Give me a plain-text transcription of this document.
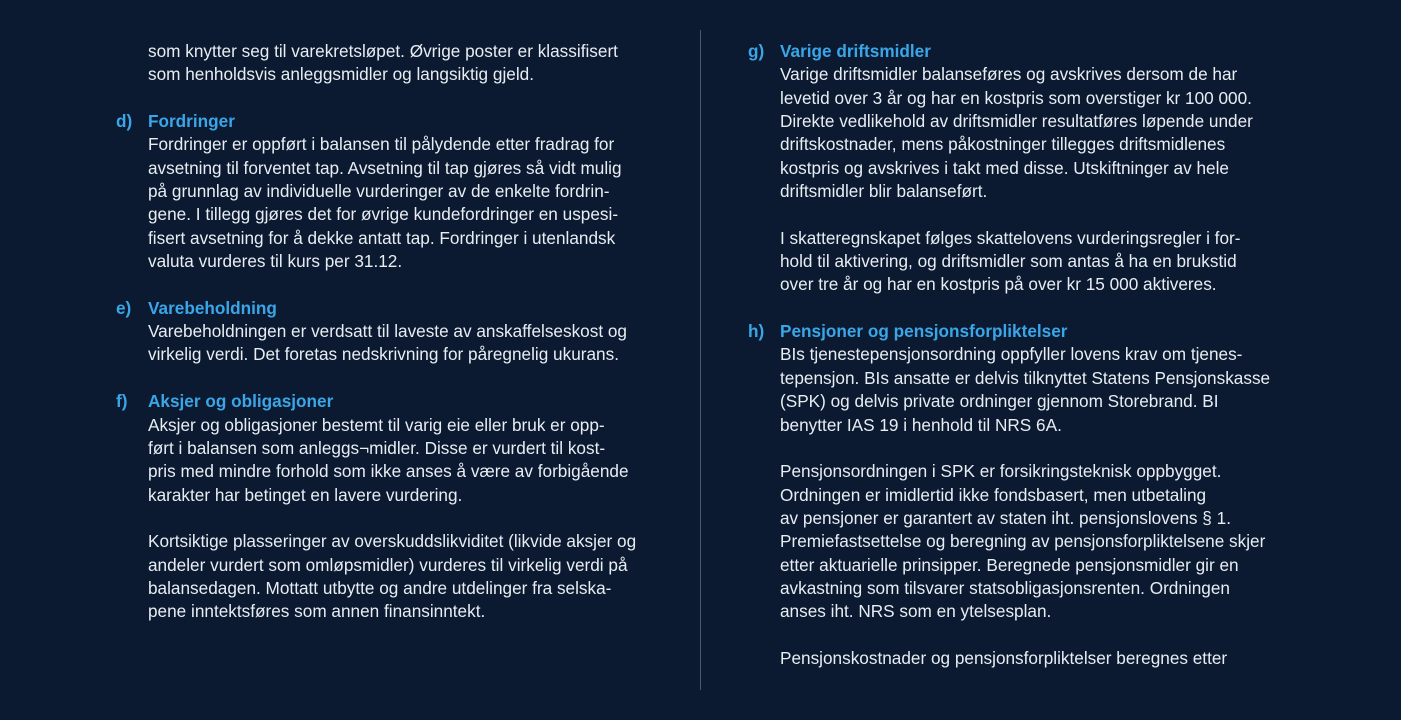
som knytter seg til varekretsløpet. Øvrige poster er klassifisert
som henholdsvis anleggsmidler og langsiktig gjeld.
d) Fordringer
Fordringer er oppført i balansen til pålydende etter fradrag for
avsetning til forventet tap. Avsetning til tap gjøres så vidt mulig
på grunnlag av individuelle vurderinger av de enkelte fordrin-
gene. I tillegg gjøres det for øvrige kundefordringer en uspesi-
fisert avsetning for å dekke antatt tap. Fordringer i utenlandsk
valuta vurderes til kurs per 31.12.
e) Varebeholdning
Varebeholdningen er verdsatt til laveste av anskaffelseskost og
virkelig verdi. Det foretas nedskrivning for påregnelig ukurans.
f) Aksjer og obligasjoner
Aksjer og obligasjoner bestemt til varig eie eller bruk er opp-
ført i balansen som anleggs¬midler. Disse er vurdert til kost-
pris med mindre forhold som ikke anses å være av forbigående
karakter har betinget en lavere vurdering.
Kortsiktige plasseringer av overskuddslikviditet (likvide aksjer og
andeler vurdert som omløpsmidler) vurderes til virkelig verdi på
balansedagen. Mottatt utbytte og andre utdelinger fra selska-
pene inntektsføres som annen finansinntekt.
g) Varige driftsmidler
Varige driftsmidler balanseføres og avskrives dersom de har
levetid over 3 år og har en kostpris som overstiger kr 100 000.
Direkte vedlikehold av driftsmidler resultatføres løpende under
driftskostnader, mens påkostninger tillegges driftsmidlenes
kostpris og avskrives i takt med disse. Utskiftninger av hele
driftsmidler blir balanseført.
I skatteregnskapet følges skattelovens vurderingsregler i for-
hold til aktivering, og driftsmidler som antas å ha en brukstid
over tre år og har en kostpris på over kr 15 000 aktiveres.
h) Pensjoner og pensjonsforpliktelser
BIs tjenestepensjonsordning oppfyller lovens krav om tjenes-
tepensjon. BIs ansatte er delvis tilknyttet Statens Pensjonskasse
(SPK) og delvis private ordninger gjennom Storebrand. BI
benytter IAS 19 i henhold til NRS 6A.
Pensjonsordningen i SPK er forsikringsteknisk oppbygget.
Ordningen er imidlertid ikke fondsbasert, men utbetaling
av pensjoner er garantert av staten iht. pensjonslovens § 1.
Premiefastsettelse og beregning av pensjonsforpliktelsene skjer
etter aktuarielle prinsipper. Beregnede pensjonsmidler gir en
avkastning som tilsvarer statsobligasjonsrenten. Ordningen
anses iht. NRS som en ytelsesplan.
Pensjonskostnader og pensjonsforpliktelser beregnes etter
